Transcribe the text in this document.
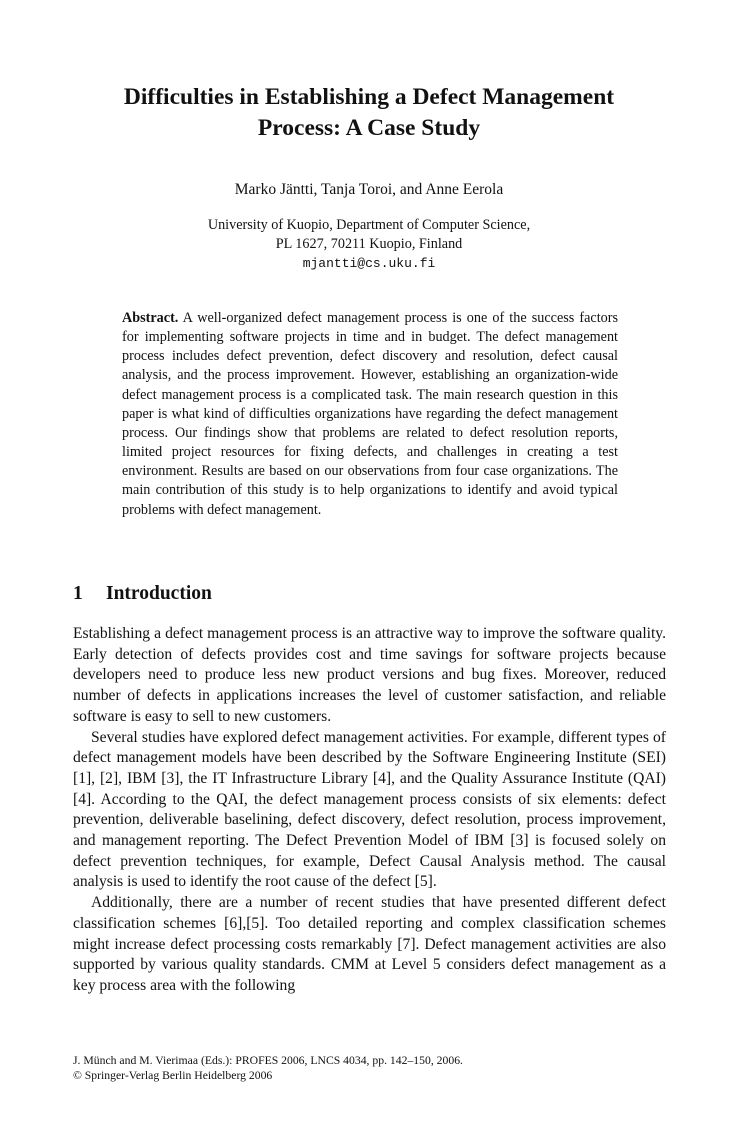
Difficulties in Establishing a Defect Management
Process: A Case Study

Marko Jäntti, Tanja Toroi, and Anne Eerola

University of Kuopio, Department of Computer Science,
PL 1627, 70211 Kuopio, Finland
mjantti@cs.uku.fi

Abstract. A well-organized defect management process is one of the success factors for implementing software projects in time and in budget. The defect management process includes defect prevention, defect discovery and resolution, defect causal analysis, and the process improvement. However, establishing an organization-wide defect management process is a complicated task. The main research question in this paper is what kind of difficulties organizations have regarding the defect management process. Our findings show that problems are related to defect resolution reports, limited project resources for fixing defects, and challenges in creating a test environment. Results are based on our observations from four case organizations. The main contribution of this study is to help organizations to identify and avoid typical problems with defect management.

1 Introduction

Establishing a defect management process is an attractive way to improve the software quality. Early detection of defects provides cost and time savings for software projects because developers need to produce less new product versions and bug fixes. Moreover, reduced number of defects in applications increases the level of customer satisfaction, and reliable software is easy to sell to new customers.

Several studies have explored defect management activities. For example, different types of defect management models have been described by the Software Engineering Institute (SEI) [1], [2], IBM [3], the IT Infrastructure Library [4], and the Quality Assurance Institute (QAI) [4]. According to the QAI, the defect management process consists of six elements: defect prevention, deliverable baselining, defect discovery, defect resolution, process improvement, and management reporting. The Defect Prevention Model of IBM [3] is focused solely on defect prevention techniques, for example, Defect Causal Analysis method. The causal analysis is used to identify the root cause of the defect [5].

Additionally, there are a number of recent studies that have presented different defect classification schemes [6],[5]. Too detailed reporting and complex classification schemes might increase defect processing costs remarkably [7]. Defect management activities are also supported by various quality standards. CMM at Level 5 considers defect management as a key process area with the following

J. Münch and M. Vierimaa (Eds.): PROFES 2006, LNCS 4034, pp. 142–150, 2006.
© Springer-Verlag Berlin Heidelberg 2006
